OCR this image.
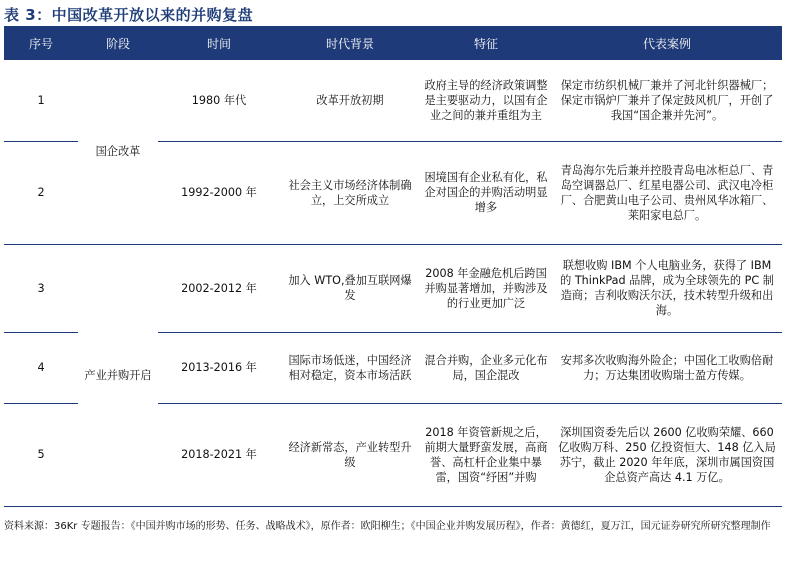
表 3：中国改革开放以来的并购复盘
序号	阶段	时间	时代背景	特征	代表案例
1	国企改革	1980 年代	改革开放初期	政府主导的经济政策调整是主要驱动力，以国有企业之间的兼并重组为主	保定市纺织机械厂兼并了河北针织器械厂；保定市锅炉厂兼并了保定鼓风机厂，开创了我国“国企兼并先河”。
2		1992-2000 年	社会主义市场经济体制确立，上交所成立	困境国有企业私有化，私企对国企的并购活动明显增多	青岛海尔先后兼并控股青岛电冰柜总厂、青岛空调器总厂、红星电器公司、武汉电冷柜厂、合肥黄山电子公司、贵州风华冰箱厂、莱阳家电总厂。
3	产业并购开启	2002-2012 年	加入 WTO,叠加互联网爆发	2008 年金融危机后跨国并购显著增加，并购涉及的行业更加广泛	联想收购 IBM 个人电脑业务，获得了 IBM 的 ThinkPad 品牌，成为全球领先的 PC 制造商；吉利收购沃尔沃，技术转型升级和出海。
4		2013-2016 年	国际市场低迷，中国经济相对稳定，资本市场活跃	混合并购，企业多元化布局，国企混改	安邦多次收购海外险企；中国化工收购倍耐力；万达集团收购瑞士盈方传媒。
5		2018-2021 年	经济新常态，产业转型升级	2018 年资管新规之后，前期大量野蛮发展，高商誉、高杠杆企业集中暴雷，国资“纾困”并购	深圳国资委先后以 2600 亿收购荣耀、660 亿收购万科、250 亿投资恒大、148 亿入局苏宁，截止 2020 年年底，深圳市属国资国企总资产高达 4.1 万亿。
资料来源：36Kr 专题报告：《中国并购市场的形势、任务、战略战术》，原作者：欧阳柳生；《中国企业并购发展历程》，作者：黄德红，夏万江，国元证券研究所研究整理制作
